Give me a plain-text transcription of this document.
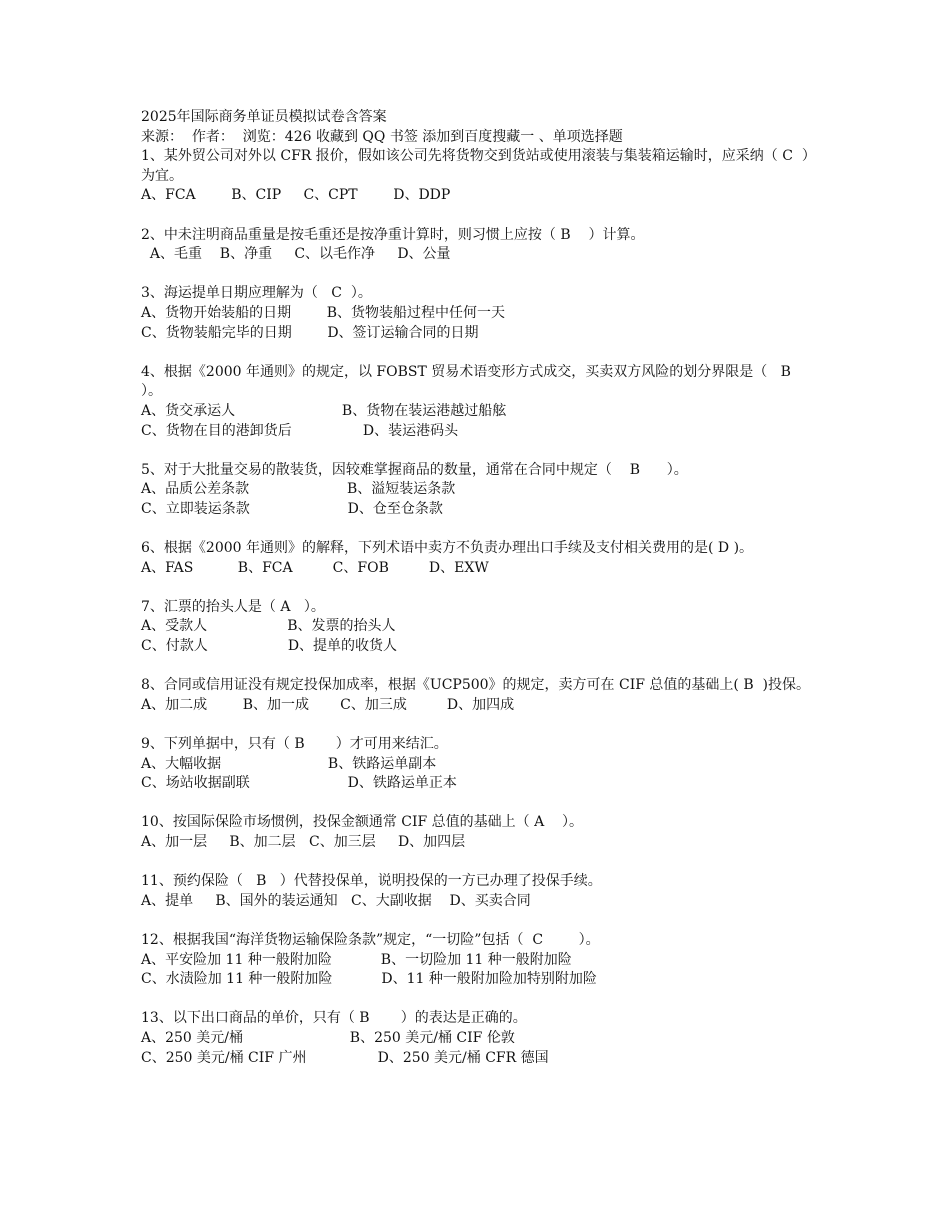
2025年国际商务单证员模拟试卷含答案
来源：  作者：  浏览：426 收藏到 QQ 书签 添加到百度搜藏一 、单项选择题
1、某外贸公司对外以 CFR 报价，假如该公司先将货物交到货站或使用滚装与集装箱运输时，应采纳（ C  ）为宜。
A、FCA        B、CIP     C、CPT        D、DDP
2、中未注明商品重量是按毛重还是按净重计算时，则习惯上应按（ B    ）计算。
A、毛重    B、净重     C、以毛作净     D、公量
3、海运提单日期应理解为（   C  ）。
A、货物开始装船的日期        B、货物装船过程中任何一天
C、货物装船完毕的日期        D、签订运输合同的日期
4、根据《2000 年通则》的规定，以 FOBST 贸易术语变形方式成交，买卖双方风险的划分界限是（   B    ）。
A、货交承运人                        B、货物在装运港越过船舷
C、货物在目的港卸货后                D、装运港码头
5、对于大批量交易的散装货，因较难掌握商品的数量，通常在合同中规定（    B      ）。
A、品质公差条款                      B、溢短装运条款
C、立即装运条款                      D、仓至仓条款
6、根据《2000 年通则》的解释，下列术语中卖方不负责办理出口手续及支付相关费用的是( D )。
A、FAS          B、FCA         C、FOB         D、EXW
7、汇票的抬头人是（ A   ）。
A、受款人                  B、发票的抬头人
C、付款人                  D、提单的收货人
8、合同或信用证没有规定投保加成率，根据《UCP500》的规定，卖方可在 CIF 总值的基础上( B  )投保。
A、加二成        B、加一成       C、加三成         D、加四成
9、下列单据中，只有（ B       ）才可用来结汇。
A、大幅收据                        B、铁路运单副本
C、场站收据副联                      D、铁路运单正本
10、按国际保险市场惯例，投保金额通常 CIF 总值的基础上（ A    ）。
A、加一层     B、加二层   C、加三层     D、加四层
11、预约保险（   B   ）代替投保单，说明投保的一方已办理了投保手续。
A、提单     B、国外的装运通知   C、大副收据    D、买卖合同
12、根据我国“海洋货物运输保险条款”规定，“一切险”包括（  C        ）。
A、平安险加 11 种一般附加险           B、一切险加 11 种一般附加险
C、水渍险加 11 种一般附加险           D、11 种一般附加险加特别附加险
13、以下出口商品的单价，只有（ B       ）的表达是正确的。
A、250 美元/桶                        B、250 美元/桶 CIF 伦敦
C、250 美元/桶 CIF 广州                D、250 美元/桶 CFR 德国
